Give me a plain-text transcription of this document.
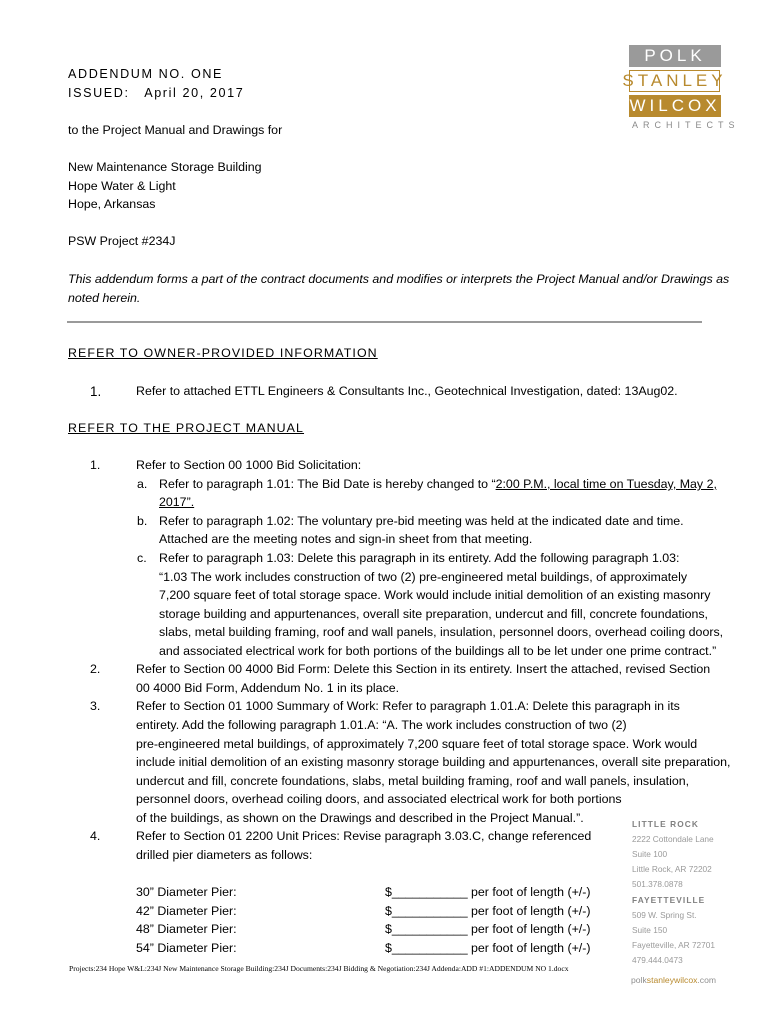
ADDENDUM NO. ONE
ISSUED:   April 20, 2017
POLK
STANLEY
WILCOX
ARCHITECTS
to the Project Manual and Drawings for
New Maintenance Storage Building
Hope Water & Light
Hope, Arkansas
PSW Project #234J
This addendum forms a part of the contract documents and modifies or interprets the Project Manual and/or Drawings as
noted herein.
REFER TO OWNER-PROVIDED INFORMATION
1.	Refer to attached ETTL Engineers & Consultants Inc., Geotechnical Investigation, dated: 13Aug02.
REFER TO THE PROJECT MANUAL
1.	Refer to Section 00 1000 Bid Solicitation:
a. Refer to paragraph 1.01: The Bid Date is hereby changed to “2:00 P.M., local time on Tuesday, May 2,
2017”.
b. Refer to paragraph 1.02: The voluntary pre-bid meeting was held at the indicated date and time.
Attached are the meeting notes and sign-in sheet from that meeting.
c. Refer to paragraph 1.03: Delete this paragraph in its entirety. Add the following paragraph 1.03:
“1.03 The work includes construction of two (2) pre-engineered metal buildings, of approximately
7,200 square feet of total storage space. Work would include initial demolition of an existing masonry
storage building and appurtenances, overall site preparation, undercut and fill, concrete foundations,
slabs, metal building framing, roof and wall panels, insulation, personnel doors, overhead coiling doors,
and associated electrical work for both portions of the buildings all to be let under one prime contract.”
2.	Refer to Section 00 4000 Bid Form: Delete this Section in its entirety. Insert the attached, revised Section
00 4000 Bid Form, Addendum No. 1 in its place.
3.	Refer to Section 01 1000 Summary of Work: Refer to paragraph 1.01.A: Delete this paragraph in its
entirety. Add the following paragraph 1.01.A: “A. The work includes construction of two (2)
pre-engineered metal buildings, of approximately 7,200 square feet of total storage space. Work would
include initial demolition of an existing masonry storage building and appurtenances, overall site preparation,
undercut and fill, concrete foundations, slabs, metal building framing, roof and wall panels, insulation,
personnel doors, overhead coiling doors, and associated electrical work for both portions
of the buildings, as shown on the Drawings and described in the Project Manual.”.
4.	Refer to Section 01 2200 Unit Prices: Revise paragraph 3.03.C, change referenced
drilled pier diameters as follows:
30” Diameter Pier:	$___________ per foot of length (+/-)
42” Diameter Pier:	$___________ per foot of length (+/-)
48” Diameter Pier:	$___________ per foot of length (+/-)
54” Diameter Pier:	$___________ per foot of length (+/-)
LITTLE ROCK
2222 Cottondale Lane
Suite 100
Little Rock, AR 72202
501.378.0878
FAYETTEVILLE
509 W. Spring St.
Suite 150
Fayetteville, AR 72701
479.444.0473
Projects:234 Hope W&L:234J New Maintenance Storage Building:234J Documents:234J Bidding & Negotiation:234J Addenda:ADD #1:ADDENDUM NO 1.docx
polkstanleywilcox.com
